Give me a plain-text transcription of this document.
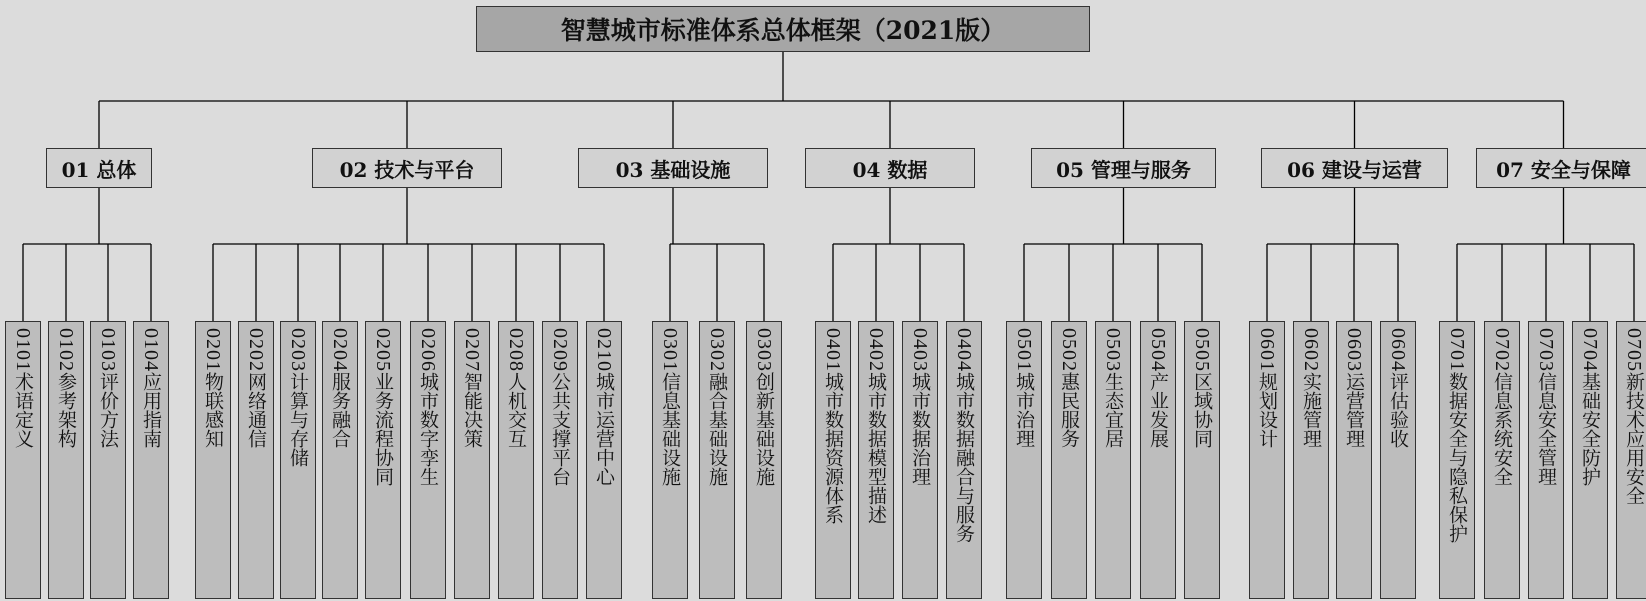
智慧城市标准体系总体框架（2021版）
01 总体	02 技术与平台	03 基础设施	04 数据	05 管理与服务	06 建设与运营	07 安全与保障
0101术语定义
0102参考架构
0103评价方法
0104应用指南
0201物联感知
0202网络通信
0203计算与存储
0204服务融合
0205业务流程协同
0206城市数字孪生
0207智能决策
0208人机交互
0209公共支撑平台
0210城市运营中心
0301信息基础设施
0302融合基础设施
0303创新基础设施
0401城市数据资源体系
0402城市数据模型描述
0403城市数据治理
0404城市数据融合与服务
0501城市治理
0502惠民服务
0503生态宜居
0504产业发展
0505区域协同
0601规划设计
0602实施管理
0603运营管理
0604评估验收
0701数据安全与隐私保护
0702信息系统安全
0703信息安全管理
0704基础安全防护
0705新技术应用安全
